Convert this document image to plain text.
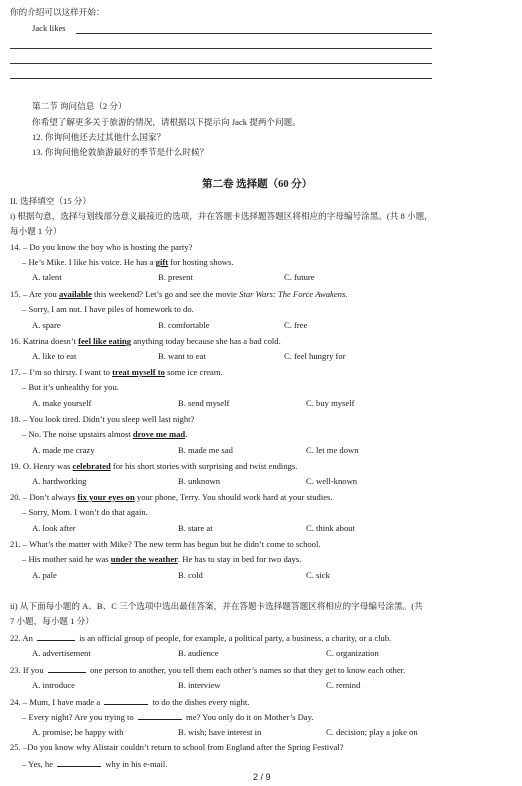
你的介绍可以这样开始：
Jack likes
第二节 询问信息（2 分）
你希望了解更多关于旅游的情况，请根据以下提示向 Jack 提两个问题。
12. 你询问他还去过其他什么国家？
13. 你询问他伦敦旅游最好的季节是什么时候？
第二卷 选择题（60 分）
II. 选择填空（15 分）
i) 根据句意，选择与划线部分意义最接近的选项，并在答题卡选择题答题区将相应的字母编号涂黑。(共 8 小题，
每小题 1 分）
14. – Do you know the boy who is hosting the party?
– He’s Mike. I like his voice. He has a gift for hosting shows.
A. talent	B. present	C. future
15. – Are you available this weekend? Let’s go and see the movie Star Wars: The Force Awakens.
– Sorry, I am not. I have piles of homework to do.
A. spare	B. comfortable	C. free
16. Katrina doesn’t feel like eating anything today because she has a bad cold.
A. like to eat	B. want to eat	C. feel hungry for
17. – I’m so thirsty. I want to treat myself to some ice cream.
– But it’s unhealthy for you.
A. make yourself	B. send myself	C. buy myself
18. – You look tired. Didn’t you sleep well last night?
– No. The noise upstairs almost drove me mad.
A. made me crazy	B. made me sad	C. let me down
19. O. Henry was celebrated for his short stories with surprising and twist endings.
A. hardworking	B. unknown	C. well-known
20. – Don’t always fix your eyes on your phone, Terry. You should work hard at your studies.
– Sorry, Mom. I won’t do that again.
A. look after	B. stare at	C. think about
21. – What’s the matter with Mike? The new term has begun but he didn’t come to school.
– His mother said he was under the weather. He has to stay in bed for two days.
A. pale	B. cold	C. sick
ii) 从下面每小题的 A、B、C 三个选项中选出最佳答案，并在答题卡选择题答题区将相应的字母编号涂黑。(共
7 小题，每小题 1 分）
22. An	is an official group of people, for example, a political party, a business, a charity, or a club.
A. advertisement	B. audience	C. organization
23. If you	one person to another, you tell them each other’s names so that they get to know each other.
A. introduce	B. interview	C. remind
24. – Mum, I have made a	to do the dishes every night.
– Every night? Are you trying to	me? You only do it on Mother’s Day.
A. promise; be happy with	B. wish; have interest in	C. decision; play a joke on
25. –Do you know why Alistair couldn’t return to school from England after the Spring Festival?
– Yes, he	why in his e-mail.
2 / 9
